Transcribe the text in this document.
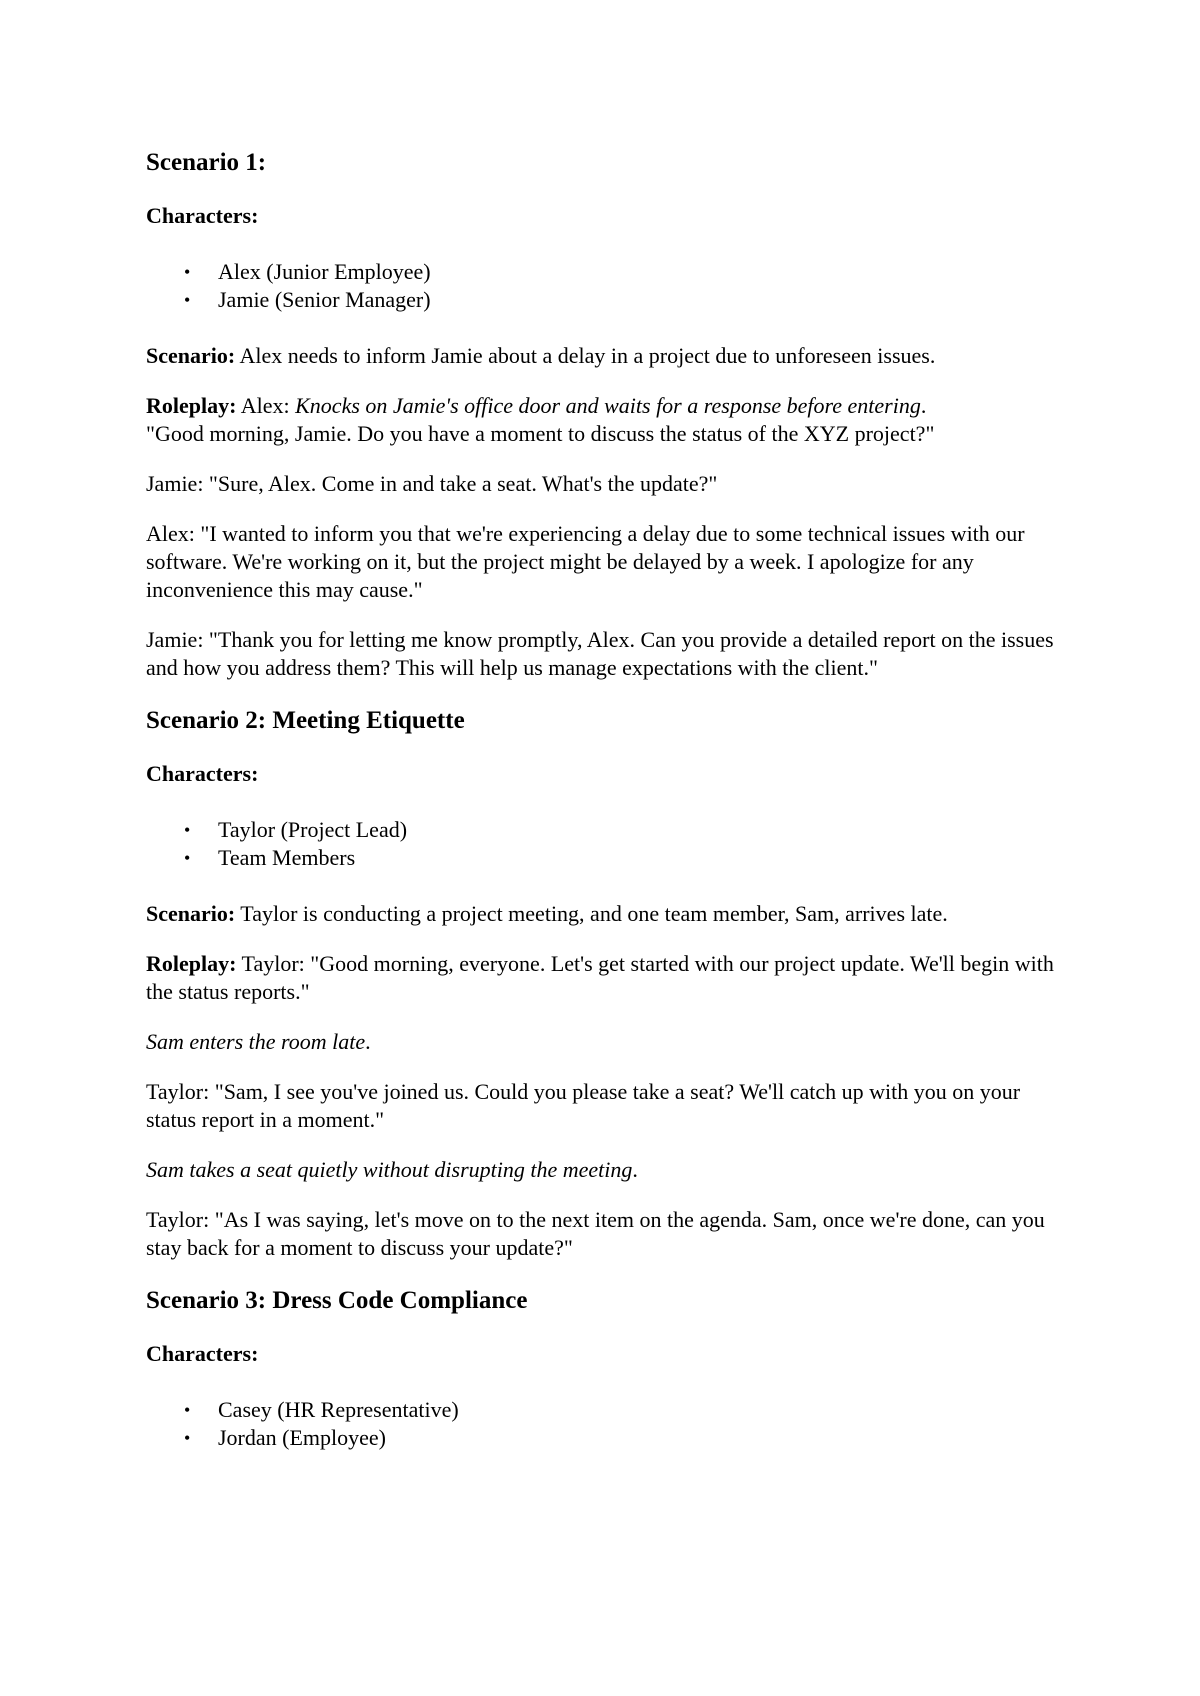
Scenario 1:

Characters:

• Alex (Junior Employee)
• Jamie (Senior Manager)

Scenario: Alex needs to inform Jamie about a delay in a project due to unforeseen issues.

Roleplay: Alex: Knocks on Jamie's office door and waits for a response before entering.

"Good morning, Jamie. Do you have a moment to discuss the status of the XYZ project?"

Jamie: "Sure, Alex. Come in and take a seat. What's the update?"

Alex: "I wanted to inform you that we're experiencing a delay due to some technical issues with our software. We're working on it, but the project might be delayed by a week. I apologize for any inconvenience this may cause."

Jamie: "Thank you for letting me know promptly, Alex. Can you provide a detailed report on the issues and how you address them? This will help us manage expectations with the client."

Scenario 2: Meeting Etiquette

Characters:

• Taylor (Project Lead)
• Team Members

Scenario: Taylor is conducting a project meeting, and one team member, Sam, arrives late.

Roleplay: Taylor: "Good morning, everyone. Let's get started with our project update. We'll begin with the status reports."

Sam enters the room late.

Taylor: "Sam, I see you've joined us. Could you please take a seat? We'll catch up with you on your status report in a moment."

Sam takes a seat quietly without disrupting the meeting.

Taylor: "As I was saying, let's move on to the next item on the agenda. Sam, once we're done, can you stay back for a moment to discuss your update?"

Scenario 3: Dress Code Compliance

Characters:

• Casey (HR Representative)
• Jordan (Employee)
